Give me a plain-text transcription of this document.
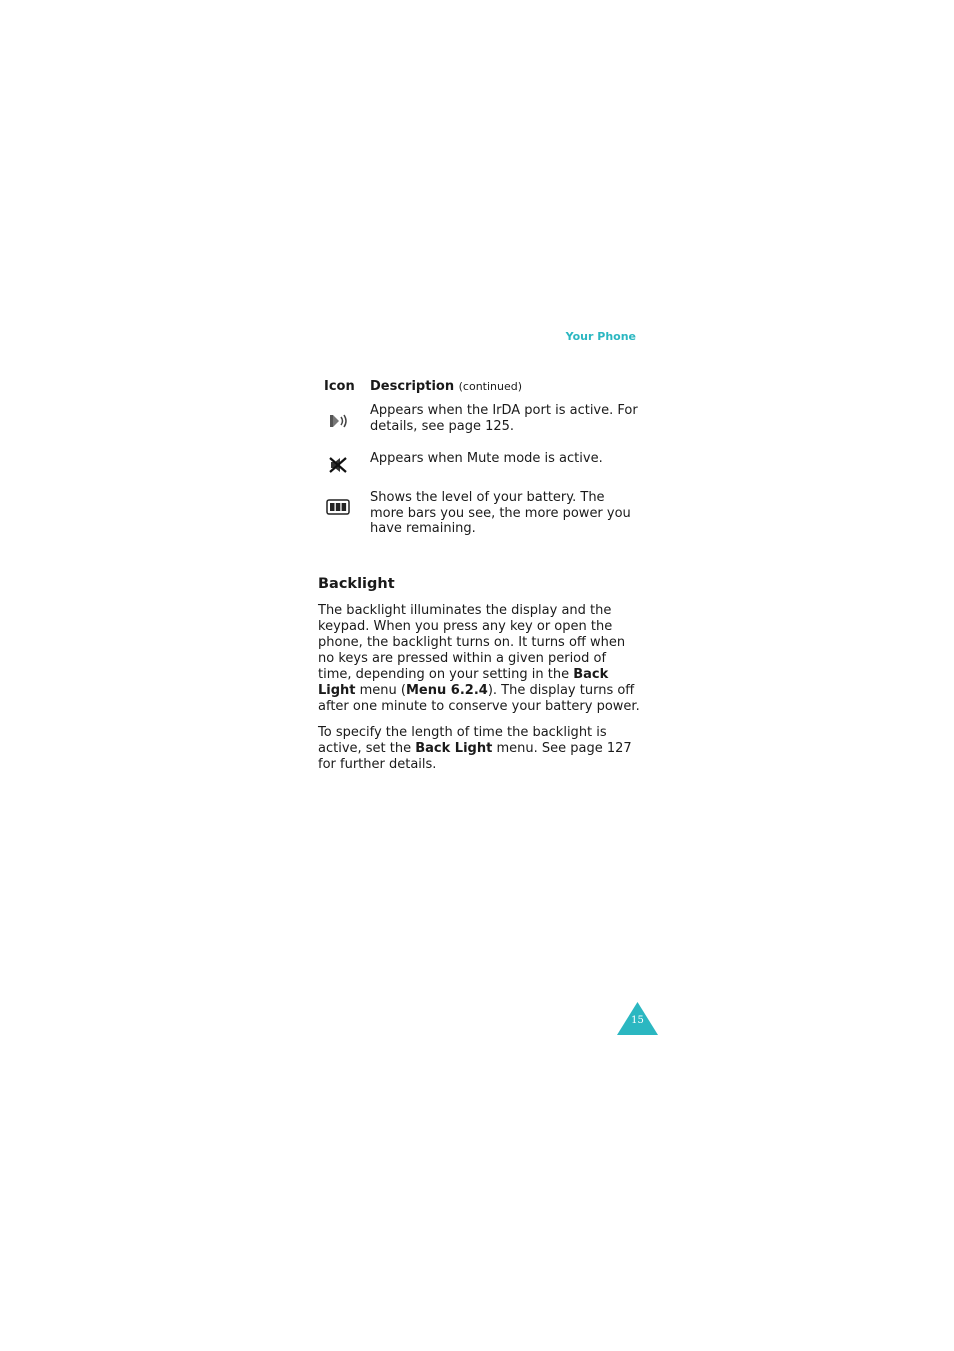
Your Phone
Icon Description (continued)
Appears when the IrDA port is active. For details, see page 125.
Appears when Mute mode is active.
Shows the level of your battery. The more bars you see, the more power you have remaining.
Backlight

The backlight illuminates the display and the keypad. When you press any key or open the phone, the backlight turns on. It turns off when no keys are pressed within a given period of time, depending on your setting in the Back Light menu (Menu 6.2.4). The display turns off after one minute to conserve your battery power.

To specify the length of time the backlight is active, set the Back Light menu. See page 127 for further details.

15
